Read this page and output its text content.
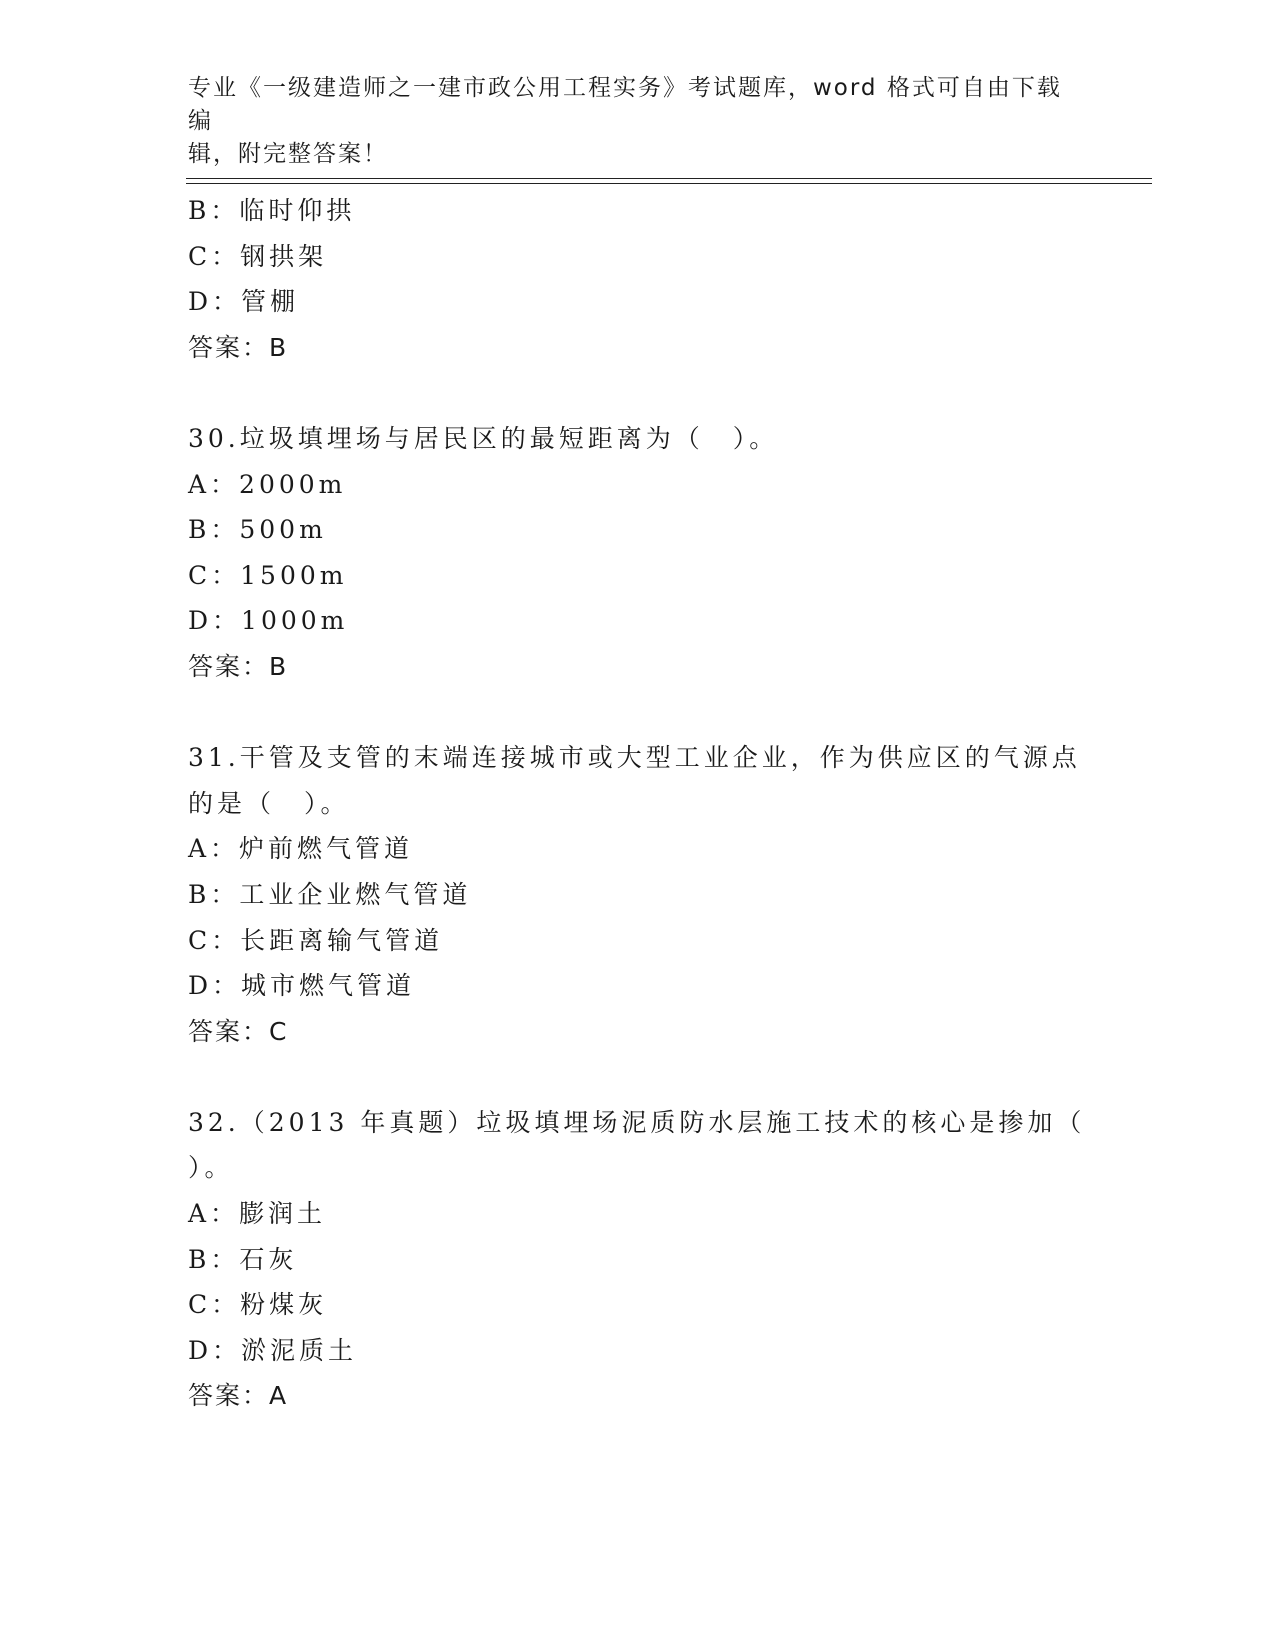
专业《一级建造师之一建市政公用工程实务》考试题库，word 格式可自由下载编
辑，附完整答案！
B：临时仰拱
C：钢拱架
D：管棚
答案：B
30.垃圾填埋场与居民区的最短距离为（　）。
A：2000m
B：500m
C：1500m
D：1000m
答案：B
31.干管及支管的末端连接城市或大型工业企业，作为供应区的气源点
的是（　）。
A：炉前燃气管道
B：工业企业燃气管道
C：长距离输气管道
D：城市燃气管道
答案：C
32.（2013 年真题）垃圾填埋场泥质防水层施工技术的核心是掺加（
）。
A：膨润土
B：石灰
C：粉煤灰
D：淤泥质土
答案：A
